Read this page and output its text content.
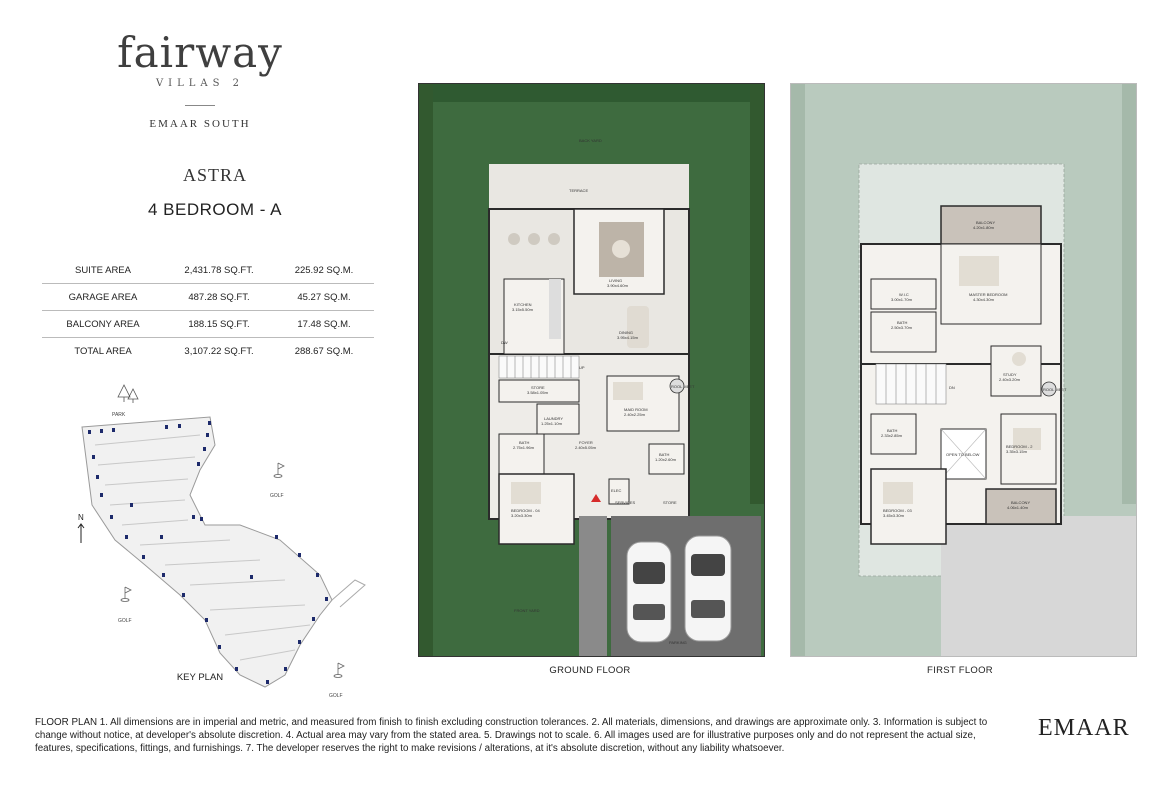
fairway
VILLAS 2
EMAAR SOUTH
ASTRA
4 BEDROOM - A
SUITE AREA	2,431.78 SQ.FT.	225.92 SQ.M.
GARAGE AREA	487.28 SQ.FT.	45.27 SQ.M.
BALCONY AREA	188.15 SQ.FT.	17.48 SQ.M.
TOTAL AREA	3,107.22 SQ.FT.	288.67 SQ.M.
PARK
GOLF
GOLF
GOLF
N
KEY PLAN
BACK YARD
TERRACE
LIVING
3.90x4.60m
KITCHEN
3.15x5.50m
DW
DINING
3.95x4.15m
UP
STORE
3.58x1.05m
MAID ROOM
2.40x2.25m
ROOL MEET
LAUNDRY
1.25x1.10m
BATH
2.75x1.96m
FOYER
2.40x5.05m
BATH
1.20x2.60m
BEDROOM - 04
3.20x3.30m
ELEC
SERVICES	STORE
FRONT YARD
PARKING
GROUND FLOOR
BALCONY
4.20x1.80m
MASTER BEDROOM
4.30x4.30m
W.I.C
3.00x1.70m
BATH
2.50x3.70m
DN
STUDY
2.40x3.20m
ROOL MEET
BATH
2.33x2.85m
OPEN TO BELOW
BEDROOM - 2
3.35x3.15m
BEDROOM - 03
3.45x3.30m
BALCONY
4.06x1.40m
FIRST FLOOR
FLOOR PLAN 1. All dimensions are in imperial and metric, and measured from finish to finish excluding construction tolerances. 2. All materials, dimensions, and drawings are approximate only. 3. Information is subject to change without notice, at developer's absolute discretion. 4. Actual area may vary from the stated area. 5. Drawings not to scale. 6. All images used are for illustrative purposes only and do not represent the actual size, features, specifications, fittings, and furnishings. 7. The developer reserves the right to make revisions / alterations, at it's absolute discretion, without any liability whatsoever.
EMAAR
